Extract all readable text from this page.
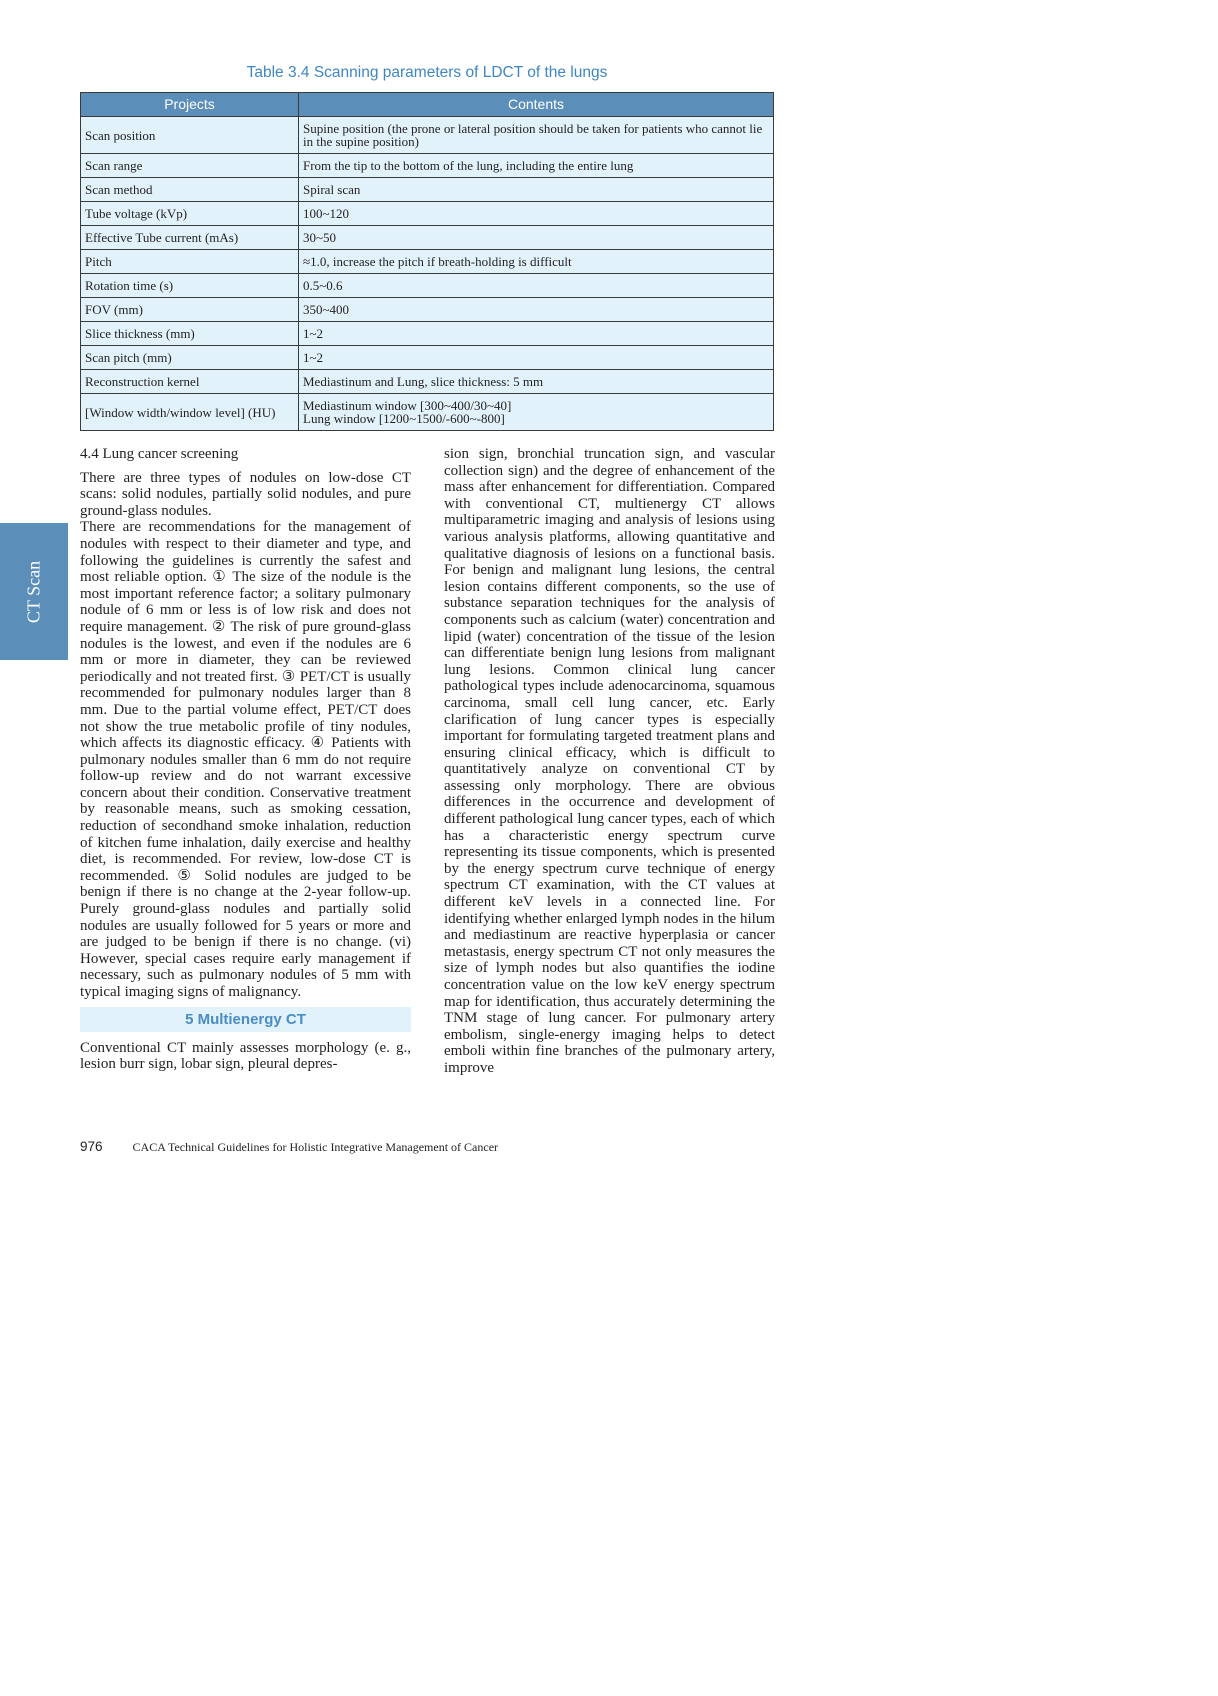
CT Scan
Table 3.4 Scanning parameters of LDCT of the lungs
Projects	Contents
Scan position	Supine position (the prone or lateral position should be taken for patients who cannot lie in the supine position)
Scan range	From the tip to the bottom of the lung, including the entire lung
Scan method	Spiral scan
Tube voltage (kVp)	100~120
Effective Tube current (mAs)	30~50
Pitch	≈1.0, increase the pitch if breath-holding is difficult
Rotation time (s)	0.5~0.6
FOV (mm)	350~400
Slice thickness (mm)	1~2
Scan pitch (mm)	1~2
Reconstruction kernel	Mediastinum and Lung, slice thickness: 5 mm
[Window width/window level] (HU)	Mediastinum window [300~400/30~40]
Lung window [1200~1500/-600~-800]

4.4 Lung cancer screening

There are three types of nodules on low-dose CT scans: solid nodules, partially solid nodules, and pure ground-glass nodules.

There are recommendations for the management of nodules with respect to their diameter and type, and following the guidelines is currently the safest and most reliable option. ① The size of the nodule is the most important reference factor; a solitary pulmonary nodule of 6 mm or less is of low risk and does not require management. ② The risk of pure ground-glass nodules is the lowest, and even if the nodules are 6 mm or more in diameter, they can be reviewed periodically and not treated first. ③ PET/CT is usually recommended for pulmonary nodules larger than 8 mm. Due to the partial volume effect, PET/CT does not show the true metabolic profile of tiny nodules, which affects its diagnostic efficacy. ④ Patients with pulmonary nodules smaller than 6 mm do not require follow-up review and do not warrant excessive concern about their condition. Conservative treatment by reasonable means, such as smoking cessation, reduction of secondhand smoke inhalation, reduction of kitchen fume inhalation, daily exercise and healthy diet, is recommended. For review, low-dose CT is recommended. ⑤ Solid nodules are judged to be benign if there is no change at the 2-year follow-up. Purely ground-glass nodules and partially solid nodules are usually followed for 5 years or more and are judged to be benign if there is no change. (vi) However, special cases require early management if necessary, such as pulmonary nodules of 5 mm with typical imaging signs of malignancy.

5 Multienergy CT

Conventional CT mainly assesses morphology (e. g., lesion burr sign, lobar sign, pleural depres-

sion sign, bronchial truncation sign, and vascular collection sign) and the degree of enhancement of the mass after enhancement for differentiation. Compared with conventional CT, multienergy CT allows multiparametric imaging and analysis of lesions using various analysis platforms, allowing quantitative and qualitative diagnosis of lesions on a functional basis. For benign and malignant lung lesions, the central lesion contains different components, so the use of substance separation techniques for the analysis of components such as calcium (water) concentration and lipid (water) concentration of the tissue of the lesion can differentiate benign lung lesions from malignant lung lesions. Common clinical lung cancer pathological types include adenocarcinoma, squamous carcinoma, small cell lung cancer, etc. Early clarification of lung cancer types is especially important for formulating targeted treatment plans and ensuring clinical efficacy, which is difficult to quantitatively analyze on conventional CT by assessing only morphology. There are obvious differences in the occurrence and development of different pathological lung cancer types, each of which has a characteristic energy spectrum curve representing its tissue components, which is presented by the energy spectrum curve technique of energy spectrum CT examination, with the CT values at different keV levels in a connected line. For identifying whether enlarged lymph nodes in the hilum and mediastinum are reactive hyperplasia or cancer metastasis, energy spectrum CT not only measures the size of lymph nodes but also quantifies the iodine concentration value on the low keV energy spectrum map for identification, thus accurately determining the TNM stage of lung cancer. For pulmonary artery embolism, single-energy imaging helps to detect emboli within fine branches of the pulmonary artery, improve

976	CACA Technical Guidelines for Holistic Integrative Management of Cancer
